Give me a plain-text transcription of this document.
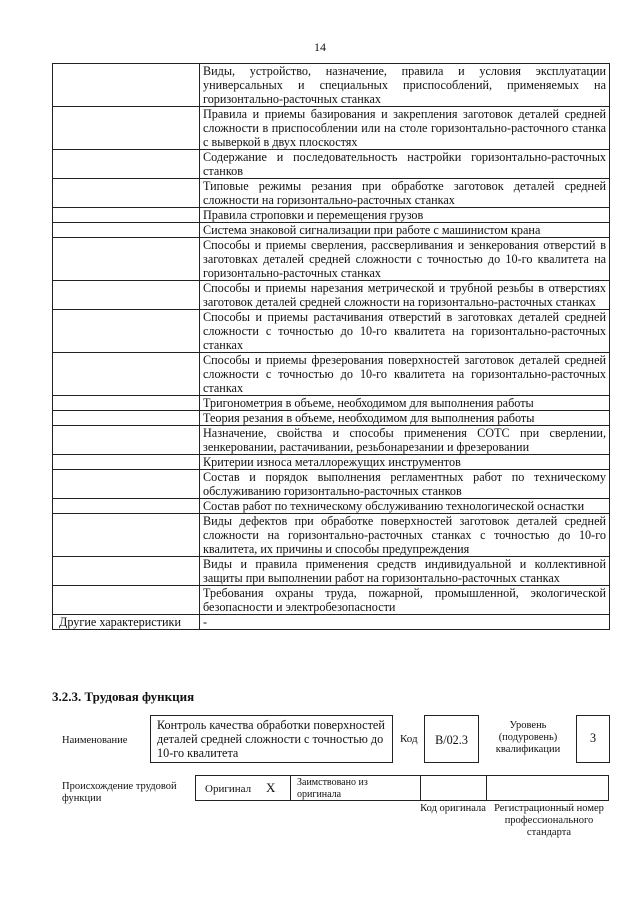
14
	Виды, устройство, назначение, правила и условия эксплуатации универсальных и специальных приспособлений, применяемых на горизонтально-расточных станках
	Правила и приемы базирования и закрепления заготовок деталей средней сложности в приспособлении или на столе горизонтально-расточного станка с выверкой в двух плоскостях
	Содержание и последовательность настройки горизонтально-расточных станков
	Типовые режимы резания при обработке заготовок деталей средней сложности на горизонтально-расточных станках
	Правила строповки и перемещения грузов
	Система знаковой сигнализации при работе с машинистом крана
	Способы и приемы сверления, рассверливания и зенкерования отверстий в заготовках деталей средней сложности с точностью до 10-го квалитета на горизонтально-расточных станках
	Способы и приемы нарезания метрической и трубной резьбы в отверстиях заготовок деталей средней сложности на горизонтально-расточных станках
	Способы и приемы растачивания отверстий в заготовках деталей средней сложности с точностью до 10-го квалитета на горизонтально-расточных станках
	Способы и приемы фрезерования поверхностей заготовок деталей средней сложности с точностью до 10-го квалитета на горизонтально-расточных станках
	Тригонометрия в объеме, необходимом для выполнения работы
	Теория резания в объеме, необходимом для выполнения работы
	Назначение, свойства и способы применения СОТС при сверлении, зенкеровании, растачивании, резьбонарезании и фрезеровании
	Критерии износа металлорежущих инструментов
	Состав и порядок выполнения регламентных работ по техническому обслуживанию горизонтально-расточных станков
	Состав работ по техническому обслуживанию технологической оснастки
	Виды дефектов при обработке поверхностей заготовок деталей средней сложности на горизонтально-расточных станках с точностью до 10-го квалитета, их причины и способы предупреждения
	Виды и правила применения средств индивидуальной и коллективной защиты при выполнении работ на горизонтально-расточных станках
	Требования охраны труда, пожарной, промышленной, экологической безопасности и электробезопасности
Другие характеристики	-
3.2.3. Трудовая функция
Наименование
Контроль качества обработки поверхностей деталей средней сложности с точностью до 10-го квалитета
Код	B/02.3
Уровень (подуровень) квалификации
3
Происхождение трудовой функции
Оригинал X Заимствовано из оригинала
Код оригинала Регистрационный номер профессионального стандарта
